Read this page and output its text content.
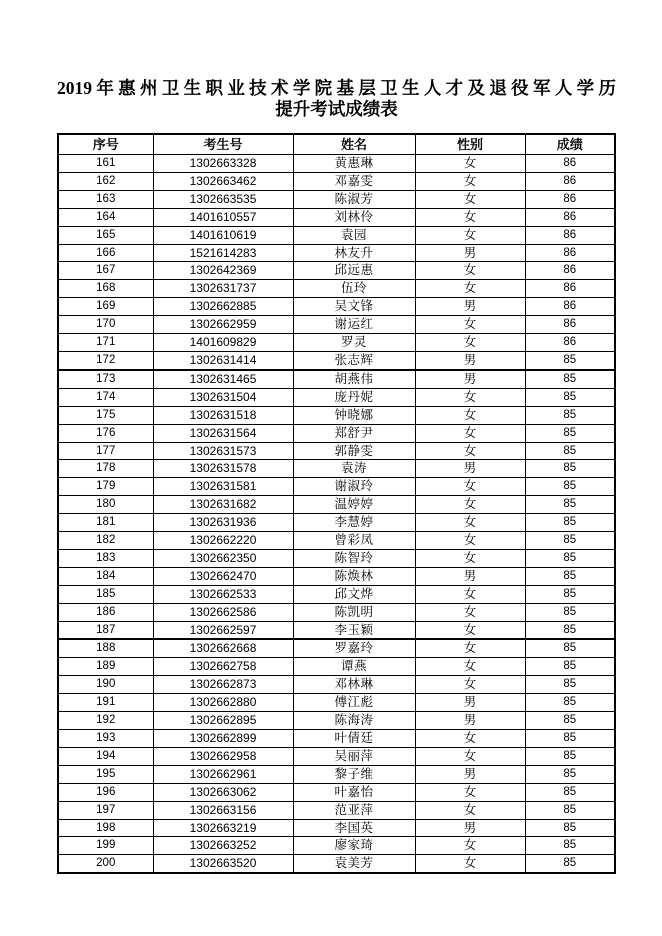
2019年惠州卫生职业技术学院基层卫生人才及退役军人学历
提升考试成绩表
序号	考生号	姓名	性别	成绩
161	1302663328	黄惠琳	女	86
162	1302663462	邓嘉雯	女	86
163	1302663535	陈淑芳	女	86
164	1401610557	刘林伶	女	86
165	1401610619	袁园	女	86
166	1521614283	林友升	男	86
167	1302642369	邱远惠	女	86
168	1302631737	伍玲	女	86
169	1302662885	吴文锋	男	86
170	1302662959	谢运红	女	86
171	1401609829	罗灵	女	86
172	1302631414	张志辉	男	85
173	1302631465	胡燕伟	男	85
174	1302631504	庞丹妮	女	85
175	1302631518	钟晓娜	女	85
176	1302631564	郑舒尹	女	85
177	1302631573	郭静雯	女	85
178	1302631578	袁涛	男	85
179	1302631581	谢淑玲	女	85
180	1302631682	温婷婷	女	85
181	1302631936	李慧婷	女	85
182	1302662220	曾彩凤	女	85
183	1302662350	陈智玲	女	85
184	1302662470	陈焕林	男	85
185	1302662533	邱文烨	女	85
186	1302662586	陈凯明	女	85
187	1302662597	李玉颖	女	85
188	1302662668	罗嘉玲	女	85
189	1302662758	谭燕	女	85
190	1302662873	邓林琳	女	85
191	1302662880	傅江彪	男	85
192	1302662895	陈海涛	男	85
193	1302662899	叶倩廷	女	85
194	1302662958	吴丽萍	女	85
195	1302662961	黎子维	男	85
196	1302663062	叶嘉怡	女	85
197	1302663156	范亚萍	女	85
198	1302663219	李国英	男	85
199	1302663252	廖家琦	女	85
200	1302663520	袁美芳	女	85
